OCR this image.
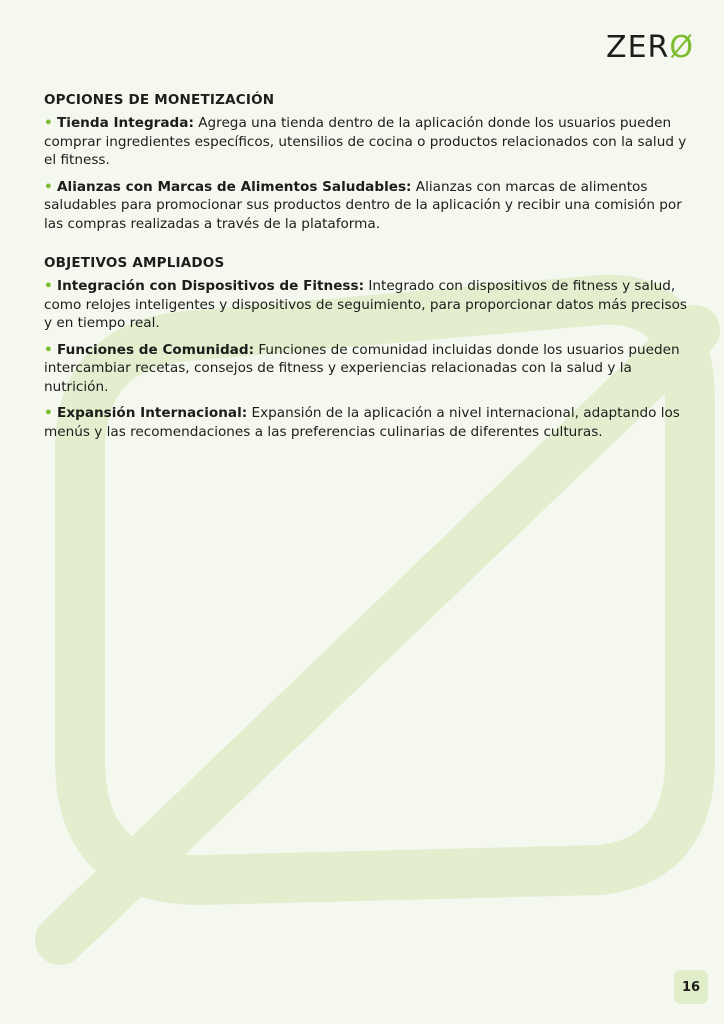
ZER Ø
OPCIONES DE MONETIZACIÓN

• Tienda Integrada: Agrega una tienda dentro de la aplicación donde los usuarios pueden comprar ingredientes específicos, utensilios de cocina o productos relacionados con la salud y el fitness.

• Alianzas con Marcas de Alimentos Saludables: Alianzas con marcas de alimentos saludables para promocionar sus productos dentro de la aplicación y recibir una comisión por las compras realizadas a través de la plataforma.

OBJETIVOS AMPLIADOS

• Integración con Dispositivos de Fitness: Integrado con dispositivos de fitness y salud, como relojes inteligentes y dispositivos de seguimiento, para proporcionar datos más precisos y en tiempo real.

• Funciones de Comunidad: Funciones de comunidad incluidas donde los usuarios pueden intercambiar recetas, consejos de fitness y experiencias relacionadas con la salud y la nutrición.

• Expansión Internacional: Expansión de la aplicación a nivel internacional, adaptando los menús y las recomendaciones a las preferencias culinarias de diferentes culturas.

16
